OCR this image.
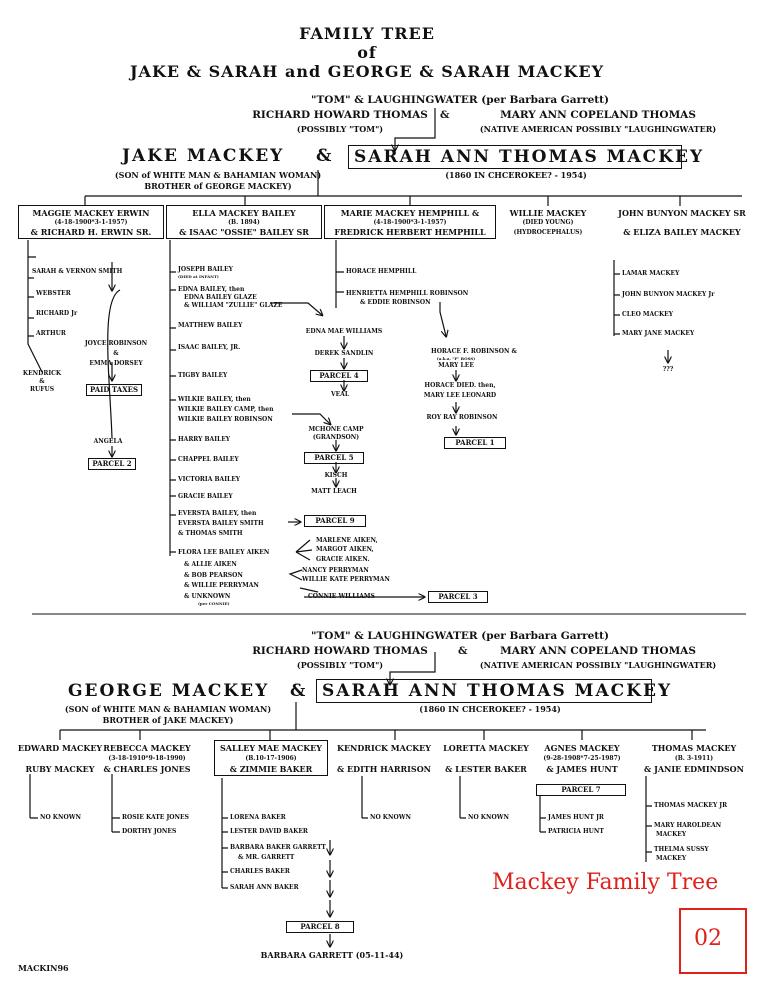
FAMILY TREE
of
JAKE & SARAH and GEORGE & SARAH MACKEY
"TOM" & LAUGHINGWATER (per Barbara Garrett)
RICHARD HOWARD THOMAS &	MARY ANN COPELAND THOMAS
(POSSIBLY "TOM")	(NATIVE AMERICAN POSSIBLY "LAUGHINGWATER)
JAKE MACKEY & SARAH ANN THOMAS MACKEY
(SON of WHITE MAN & BAHAMIAN WOMAN)
BROTHER of GEORGE MACKEY)
(1860 IN CHCEROKEE? - 1954)
MAGGIE MACKEY ERWIN
(4-18-1900*3-1-1957)
& RICHARD H. ERWIN SR.
ELLA MACKEY BAILEY
(B. 1894)
& ISAAC "OSSIE" BAILEY SR
MARIE MACKEY HEMPHILL &
(4-18-1900*3-1-1957)
FREDRICK HERBERT HEMPHILL
WILLIE MACKEY
(DIED YOUNG)
(HYDROCEPHALUS)
JOHN BUNYON MACKEY SR
& ELIZA BAILEY MACKEY
SARAH & VERNON SMITH
WEBSTER
RICHARD Jr
ARTHUR
KENDRICK
&
RUFUS
JOYCE ROBINSON
&
EMMA DORSEY
PAID TAXES
ANGELA
PARCEL 2
JOSEPH BAILEY
(DIED at INFANT)
EDNA BAILEY, then
EDNA BAILEY GLAZE
& WILLIAM "ZULLIE" GLAZE
MATTHEW BAILEY
ISAAC BAILEY, JR.
TIGBY BAILEY
WILKIE BAILEY, then
WILKIE BAILEY CAMP, then
WILKIE BAILEY ROBINSON
HARRY BAILEY
CHAPPEL BAILEY
VICTORIA BAILEY
GRACIE BAILEY
EVERSTA BAILEY, then
EVERSTA BAILEY SMITH
& THOMAS SMITH
FLORA LEE BAILEY AIKEN
& ALLIE AIKEN
& BOB PEARSON
& WILLIE PERRYMAN
& UNKNOWN
(per CONNIE)
EDNA MAE WILLIAMS
DEREK SANDLIN
PARCEL 4
VEAL
MCHONE CAMP
(GRANDSON)
PARCEL 5
KISCH
MATT LEACH
PARCEL 9
MARLENE AIKEN,
MARGOT AIKEN,
GRACIE AIKEN.
NANCY PERRYMAN
WILLIE KATE PERRYMAN
CONNIE WILLIAMS	PARCEL 3
HORACE HEMPHILL
HENRIETTA HEMPHILL ROBINSON
& EDDIE ROBINSON
HORACE F. ROBINSON &
(a.k.a. "F" BOSS)
MARY LEE
HORACE DIED. then,
MARY LEE LEONARD
ROY RAY ROBINSON
PARCEL 1
LAMAR MACKEY
JOHN BUNYON MACKEY Jr
CLEO MACKEY
MARY JANE MACKEY
???
"TOM" & LAUGHINGWATER (per Barbara Garrett)
RICHARD HOWARD THOMAS	&	MARY ANN COPELAND THOMAS
(POSSIBLY "TOM")	(NATIVE AMERICAN POSSIBLY "LAUGHINGWATER)
GEORGE MACKEY & SARAH ANN THOMAS MACKEY
(SON of WHITE MAN & BAHAMIAN WOMAN)
BROTHER of JAKE MACKEY)
(1860 IN CHCEROKEE? - 1954)
EDWARD MACKEY
RUBY MACKEY
REBECCA MACKEY
(3-18-1910*9-18-1990)
& CHARLES JONES
SALLEY MAE MACKEY
(B.10-17-1906)
& ZIMMIE BAKER
KENDRICK MACKEY
& EDITH HARRISON
LORETTA MACKEY
& LESTER BAKER
AGNES MACKEY
(9-28-1908*7-25-1987)
& JAMES HUNT
THOMAS MACKEY
(B. 3-1911)
& JANIE EDMINDSON
NO KNOWN	ROSIE KATE JONES
DORTHY JONES
LORENA BAKER
LESTER DAVID BAKER
BARBARA BAKER GARRETT
& MR. GARRETT
CHARLES BAKER
SARAH ANN BAKER
PARCEL 8
BARBARA GARRETT (05-11-44)
NO KNOWN	NO KNOWN
PARCEL 7
JAMES HUNT JR
PATRICIA HUNT
THOMAS MACKEY JR
MARY HAROLDEAN
MACKEY
THELMA SUSSY
MACKEY
MACKIN96
Mackey Family Tree
02
